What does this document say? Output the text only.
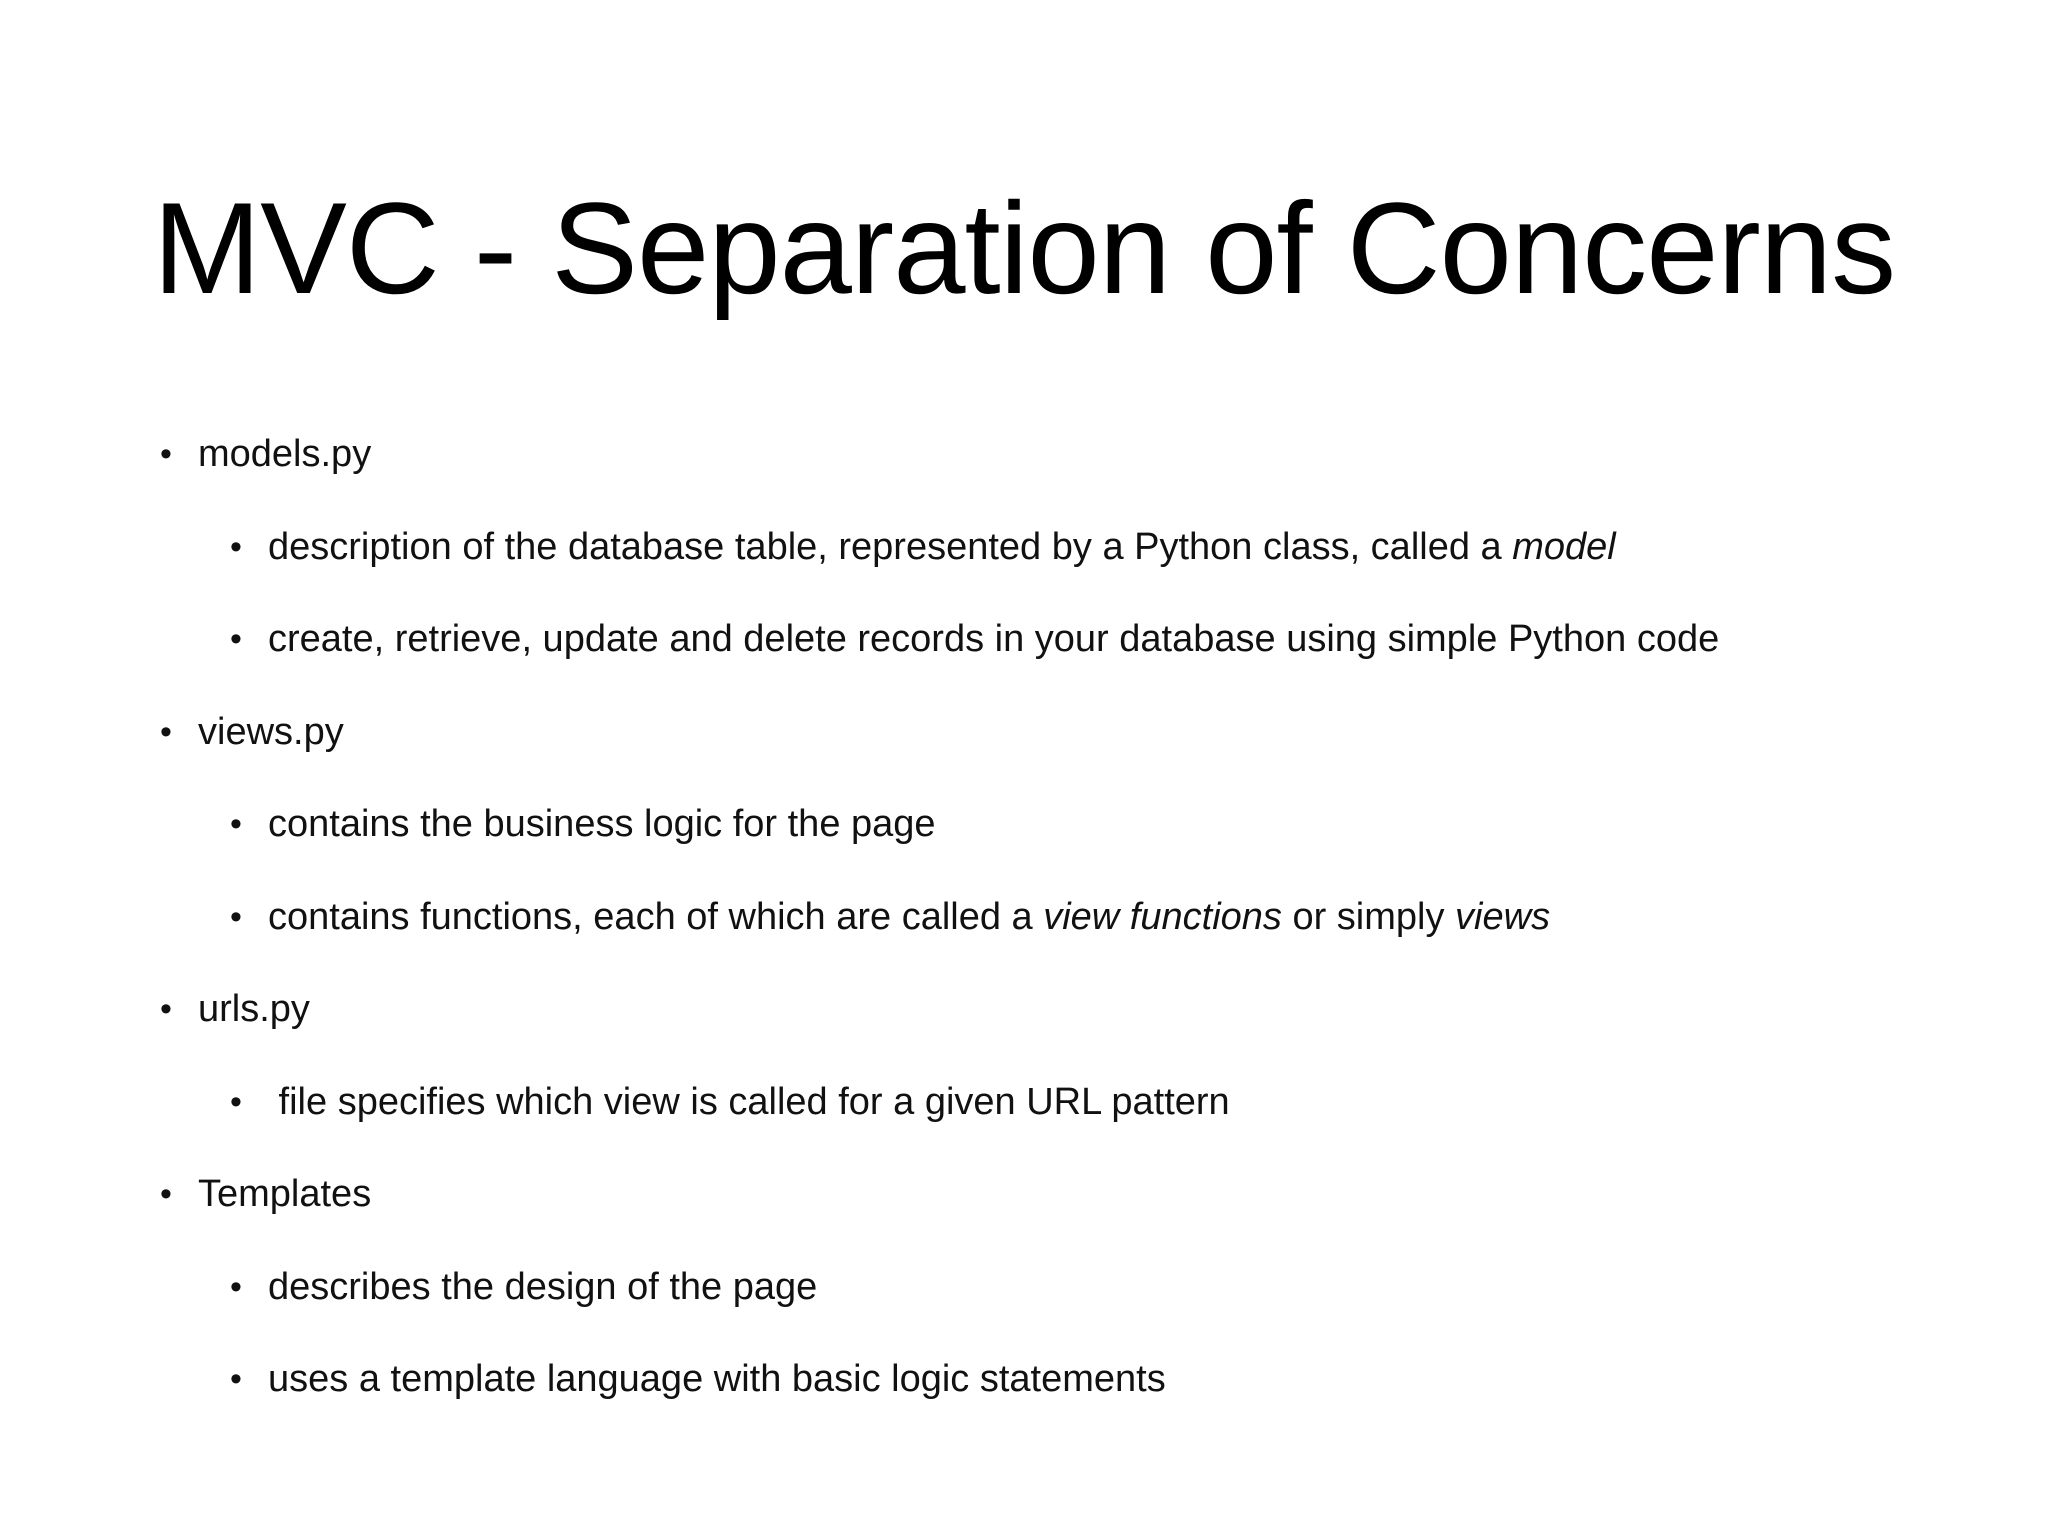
MVC - Separation of Concerns
• models.py
• description of the database table, represented by a Python class, called a model
• create, retrieve, update and delete records in your database using simple Python code
• views.py
• contains the business logic for the page
• contains functions, each of which are called a view functions or simply views
• urls.py
• file specifies which view is called for a given URL pattern
• Templates
• describes the design of the page
• uses a template language with basic logic statements
